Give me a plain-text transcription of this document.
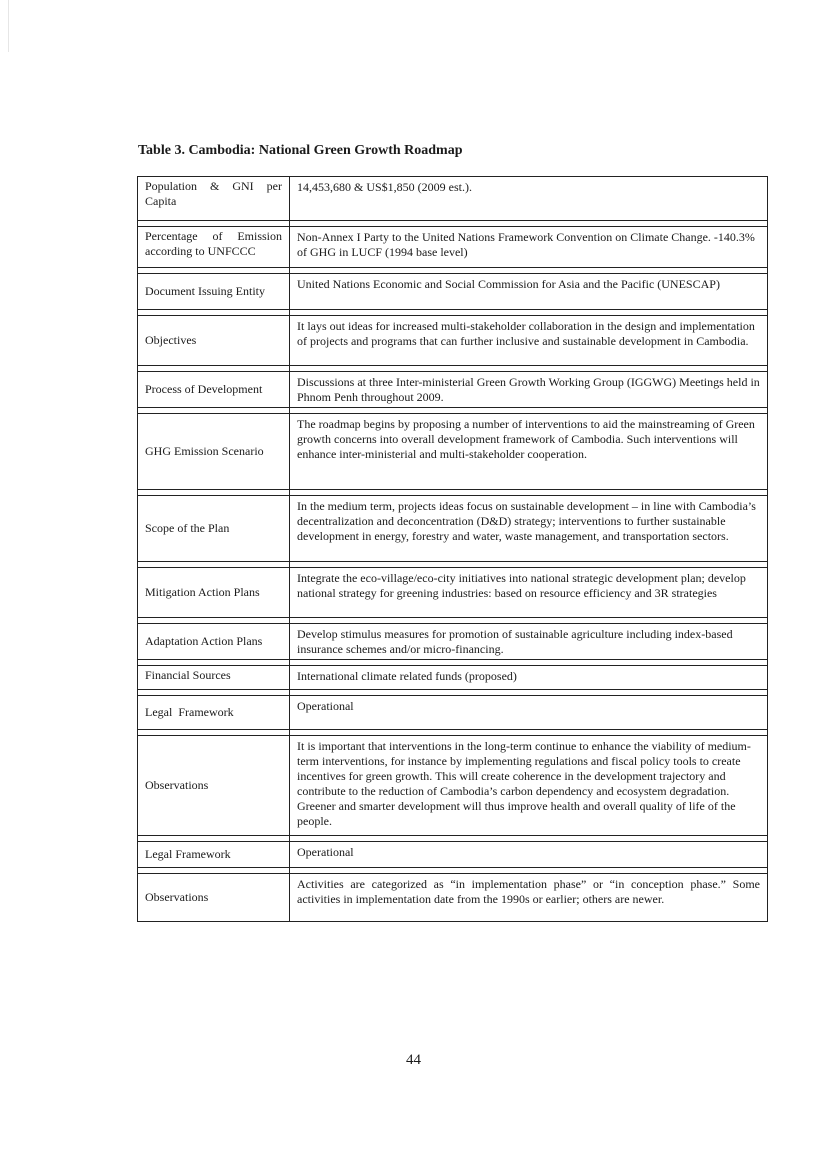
Table 3. Cambodia: National Green Growth Roadmap
Population & GNI per Capita	14,453,680 & US$1,850 (2009 est.).

Percentage of Emission according to UNFCCC	Non-Annex I Party to the United Nations Framework Convention on Climate Change. -140.3% of GHG in LUCF (1994 base level)

Document Issuing Entity	United Nations Economic and Social Commission for Asia and the Pacific (UNESCAP)

Objectives	It lays out ideas for increased multi-stakeholder collaboration in the design and implementation of projects and programs that can further inclusive and sustainable development in Cambodia.

Process of Development	Discussions at three Inter-ministerial Green Growth Working Group (IGGWG) Meetings held in Phnom Penh throughout 2009.

GHG Emission Scenario	The roadmap begins by proposing a number of interventions to aid the mainstreaming of Green growth concerns into overall development framework of Cambodia. Such interventions will enhance inter-ministerial and multi-stakeholder cooperation.

Scope of the Plan	In the medium term, projects ideas focus on sustainable development – in line with Cambodia’s decentralization and deconcentration (D&D) strategy; interventions to further sustainable development in energy, forestry and water, waste management, and transportation sectors.

Mitigation Action Plans	Integrate the eco-village/eco-city initiatives into national strategic development plan; develop national strategy for greening industries: based on resource efficiency and 3R strategies

Adaptation Action Plans	Develop stimulus measures for promotion of sustainable agriculture including index-based insurance schemes and/or micro-financing.

Financial Sources	International climate related funds (proposed)

Legal  Framework	Operational

Observations	It is important that interventions in the long-term continue to enhance the viability of medium-term interventions, for instance by implementing regulations and fiscal policy tools to create incentives for green growth. This will create coherence in the development trajectory and contribute to the reduction of Cambodia’s carbon dependency and ecosystem degradation. Greener and smarter development will thus improve health and overall quality of life of the people.

Legal Framework	Operational

Observations	Activities are categorized as “in implementation phase” or “in conception phase.” Some activities in implementation date from the 1990s or earlier; others are newer.
44
